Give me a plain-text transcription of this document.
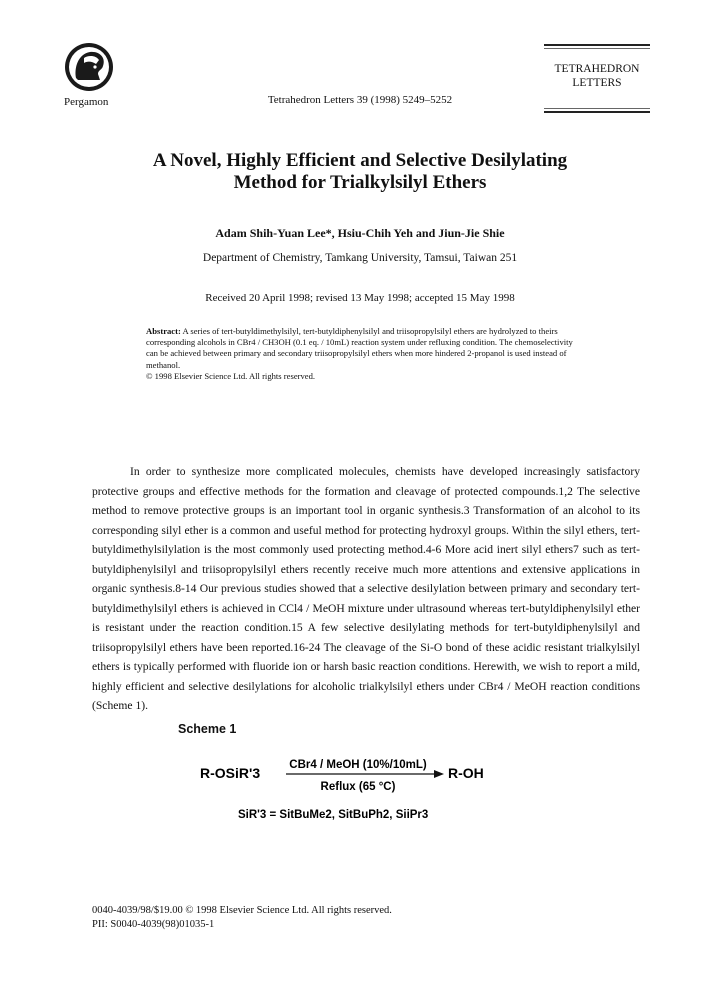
Pergamon	Tetrahedron Letters 39 (1998) 5249–5252
TETRAHEDRON
LETTERS
A Novel, Highly Efficient and Selective Desilylating
Method for Trialkylsilyl Ethers
Adam Shih-Yuan Lee*, Hsiu-Chih Yeh and Jiun-Jie Shie
Department of Chemistry, Tamkang University, Tamsui, Taiwan 251
Received 20 April 1998; revised 13 May 1998; accepted 15 May 1998
Abstract: A series of tert-butyldimethylsilyl, tert-butyldiphenylsilyl and triisopropylsilyl ethers are hydrolyzed to theirs corresponding alcohols in CBr4 / CH3OH (0.1 eq. / 10mL) reaction system under refluxing condition. The chemoselectivity can be achieved between primary and secondary triisopropylsilyl ethers when more hindered 2-propanol is used instead of methanol.
© 1998 Elsevier Science Ltd. All rights reserved.

In order to synthesize more complicated molecules, chemists have developed increasingly satisfactory protective groups and effective methods for the formation and cleavage of protected compounds.1,2 The selective method to remove protective groups is an important tool in organic synthesis.3 Transformation of an alcohol to its corresponding silyl ether is a common and useful method for protecting hydroxyl groups. Within the silyl ethers, tert-butyldimethylsilylation is the most commonly used protecting method.4-6 More acid inert silyl ethers7 such as tert-butyldiphenylsilyl and triisopropylsilyl ethers recently receive much more attentions and extensive applications in organic synthesis.8-14 Our previous studies showed that a selective desilylation between primary and secondary tert-butyldimethylsilyl ethers is achieved in CCl4 / MeOH mixture under ultrasound whereas tert-butyldiphenylsilyl ether is resistant under the reaction condition.15 A few selective desilylating methods for tert-butyldiphenylsilyl and triisopropylsilyl ethers have been reported.16-24 The cleavage of the Si-O bond of these acidic resistant trialkylsilyl ethers is typically performed with fluoride ion or harsh basic reaction conditions. Herewith, we wish to report a mild, highly efficient and selective desilylations for alcoholic trialkylsilyl ethers under CBr4 / MeOH reaction conditions (Scheme 1).

Scheme 1
R-OSiR'3	CBr4 / MeOH (10%/10mL)
Reflux (65 °C)
R-OH
SiR'3 = SitBuMe2, SitBuPh2, SiiPr3
0040-4039/98/$19.00 © 1998 Elsevier Science Ltd. All rights reserved.
PII: S0040-4039(98)01035-1
